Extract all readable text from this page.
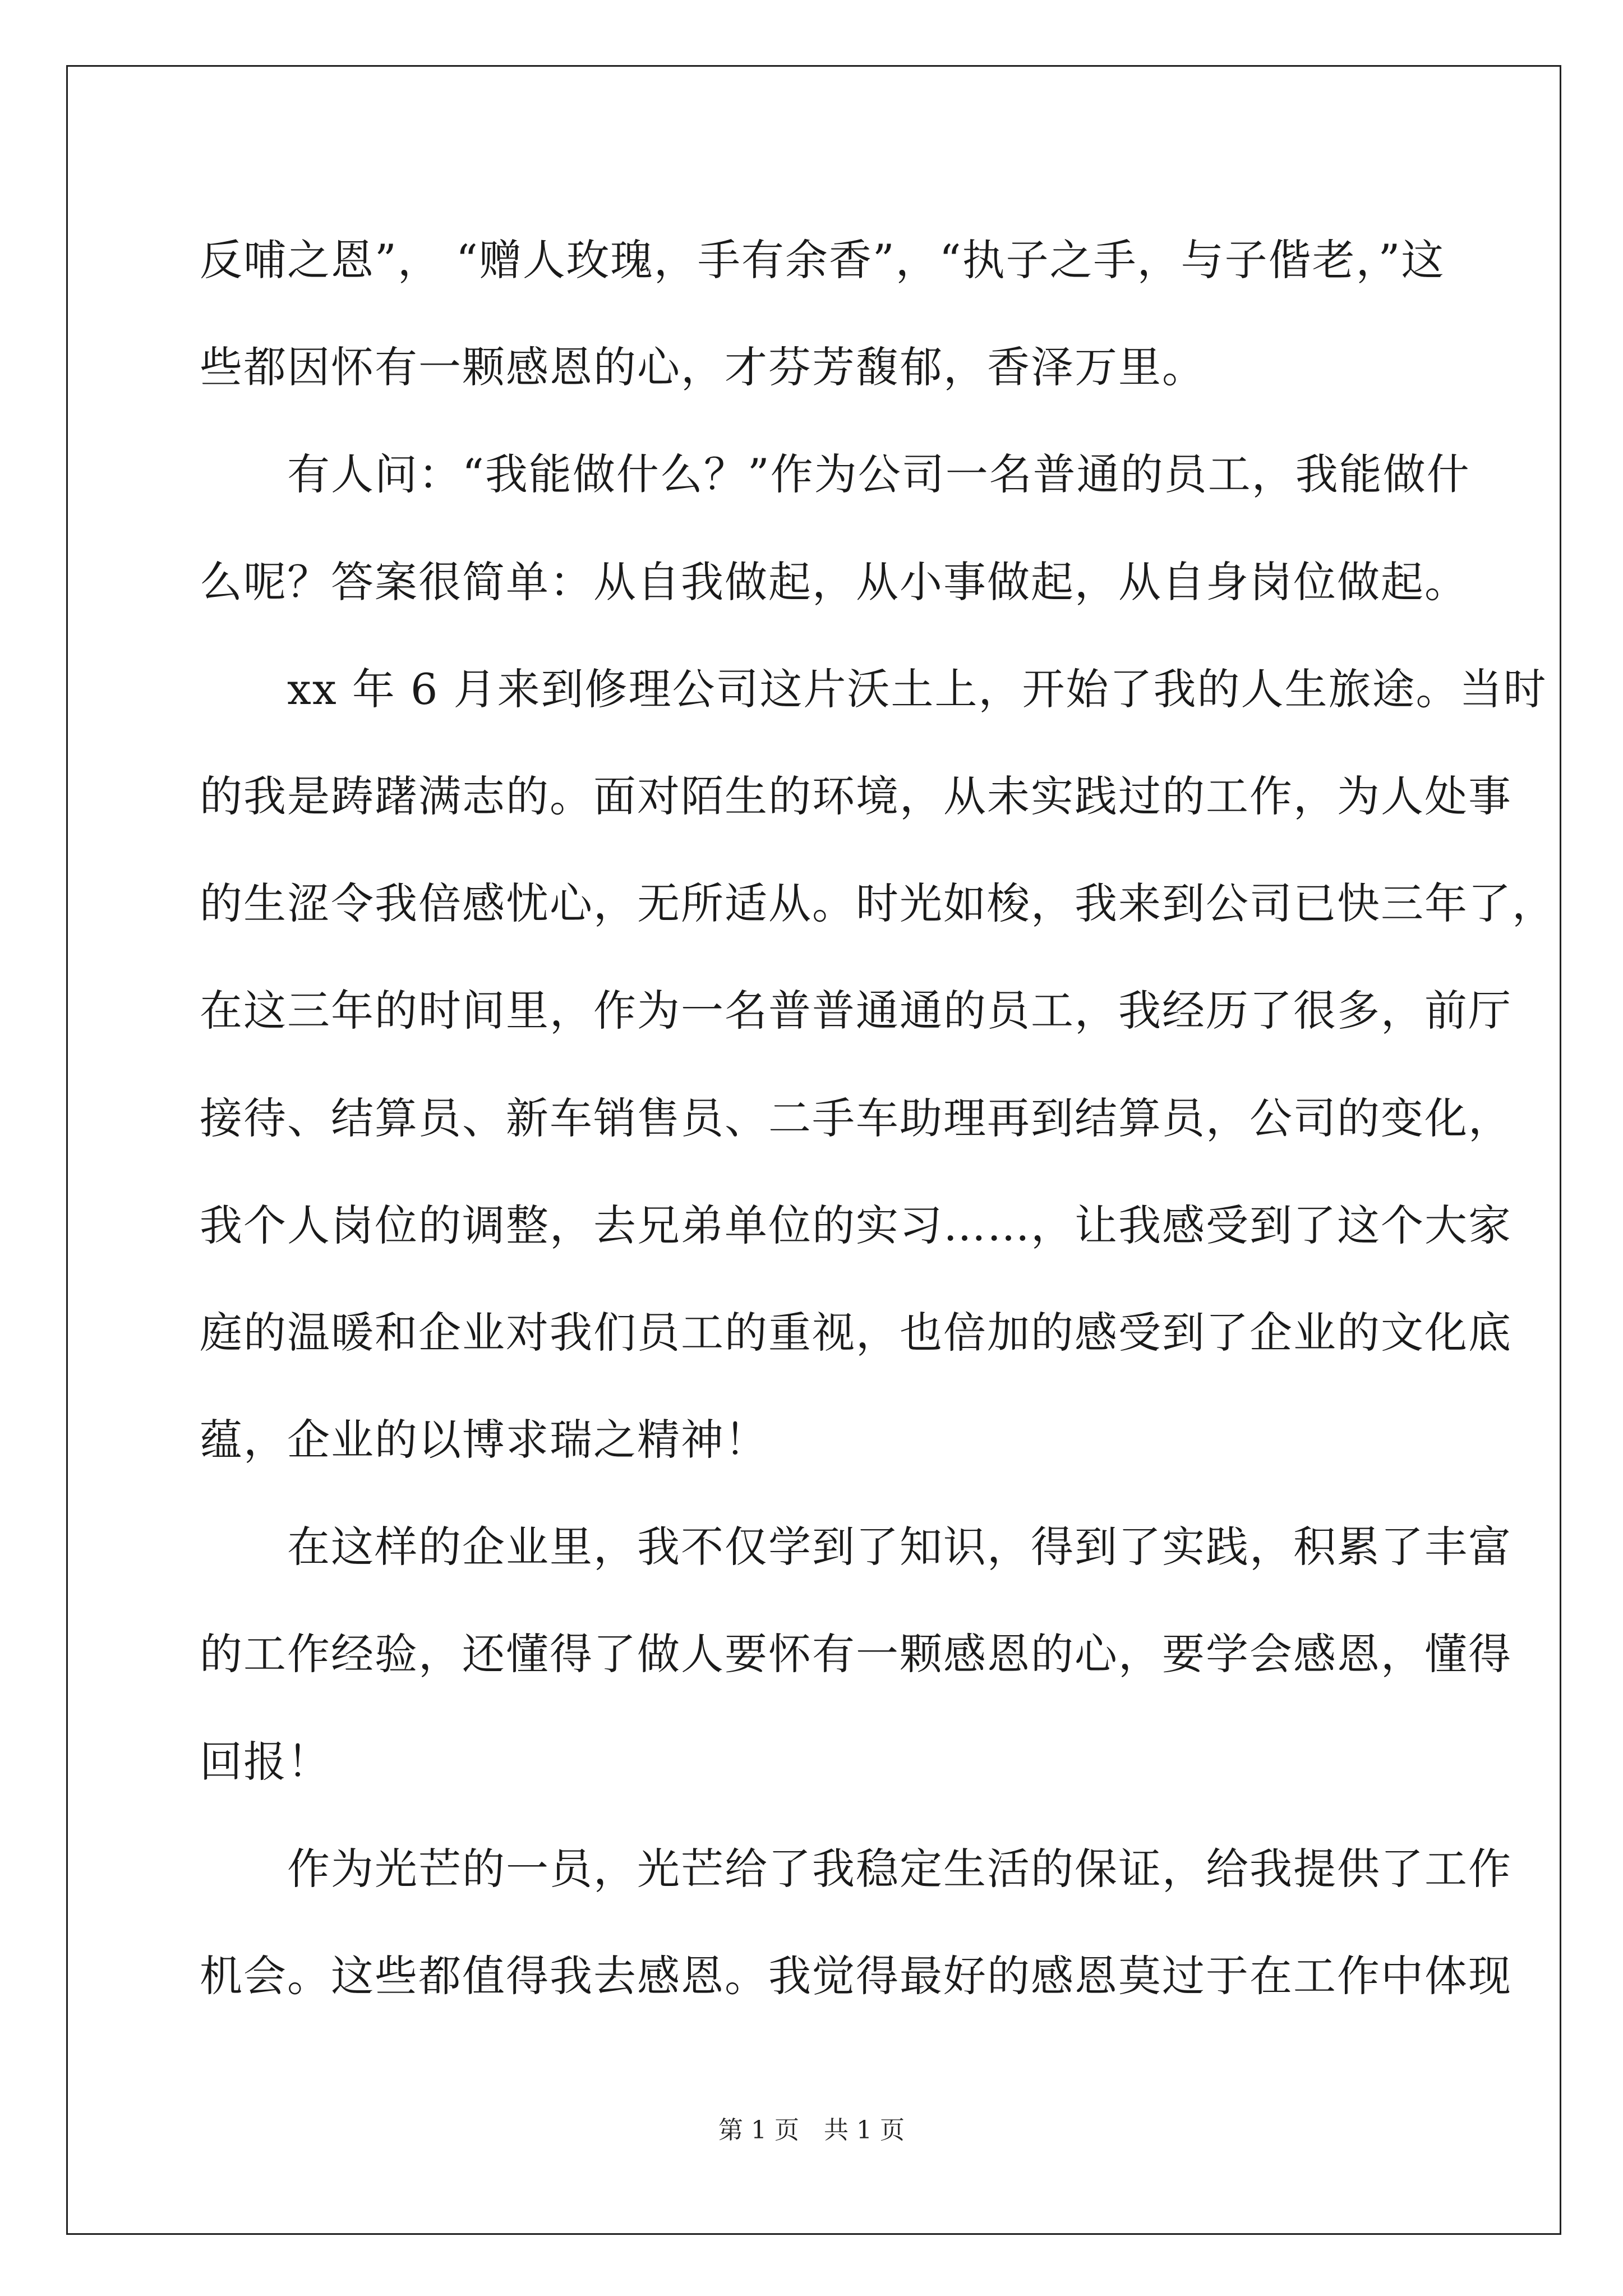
反哺之恩”， “赠人玫瑰，手有余香”，“执子之手，与子偕老，”这
些都因怀有一颗感恩的心，才芬芳馥郁，香泽万里。
　　有人问：“我能做什么？”作为公司一名普通的员工，我能做什
么呢？答案很简单：从自我做起，从小事做起，从自身岗位做起。
　　xx 年 6 月来到修理公司这片沃土上，开始了我的人生旅途。当时
的我是踌躇满志的。面对陌生的环境，从未实践过的工作，为人处事
的生涩令我倍感忧心，无所适从。时光如梭，我来到公司已快三年了，
在这三年的时间里，作为一名普普通通的员工，我经历了很多，前厅
接待、结算员、新车销售员、二手车助理再到结算员，公司的变化，
我个人岗位的调整，去兄弟单位的实习……，让我感受到了这个大家
庭的温暖和企业对我们员工的重视，也倍加的感受到了企业的文化底
蕴，企业的以博求瑞之精神！
　　在这样的企业里，我不仅学到了知识，得到了实践，积累了丰富
的工作经验，还懂得了做人要怀有一颗感恩的心，要学会感恩，懂得
回报！
　　作为光芒的一员，光芒给了我稳定生活的保证，给我提供了工作
机会。这些都值得我去感恩。我觉得最好的感恩莫过于在工作中体现
第 1 页　共 1 页
